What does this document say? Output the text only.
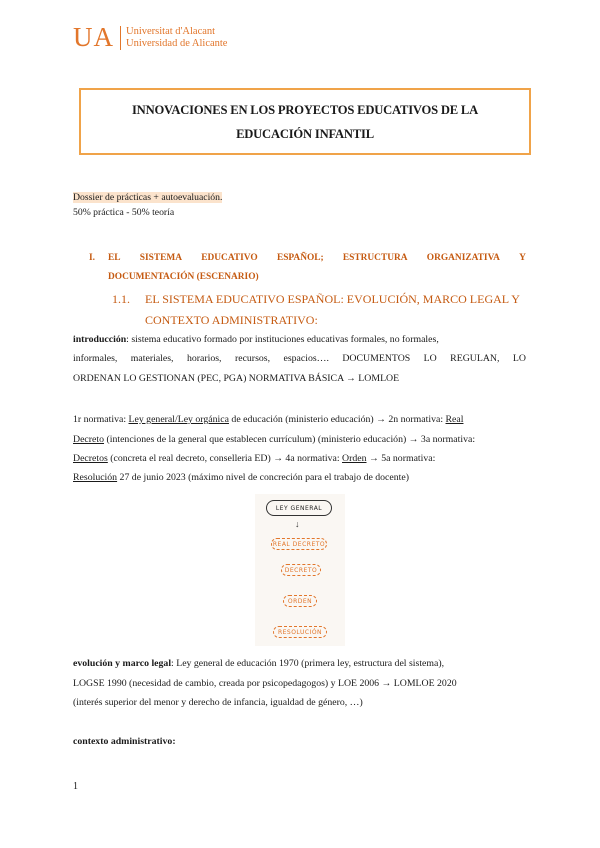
UA Universitat d'Alacant
Universidad de Alicante
INNOVACIONES EN LOS PROYECTOS EDUCATIVOS DE LA
EDUCACIÓN INFANTIL
Dossier de prácticas + autoevaluación.
50% práctica - 50% teoría
I. EL SISTEMA EDUCATIVO ESPAÑOL; ESTRUCTURA ORGANIZATIVA Y
DOCUMENTACIÓN (ESCENARIO)
1.1. EL SISTEMA EDUCATIVO ESPAÑOL: EVOLUCIÓN, MARCO LEGAL Y
CONTEXTO ADMINISTRATIVO:
introducción: sistema educativo formado por instituciones educativas formales, no formales,
informales, materiales, horarios, recursos, espacios…. DOCUMENTOS LO REGULAN, LO
ORDENAN LO GESTIONAN (PEC, PGA) NORMATIVA BÁSICA → LOMLOE
1r normativa: Ley general/Ley orgánica de educación (ministerio educación) → 2n normativa: Real
Decreto (intenciones de la general que establecen currículum) (ministerio educación) → 3a normativa:
Decretos (concreta el real decreto, conselleria ED) → 4a normativa: Orden → 5a normativa:
Resolución 27 de junio 2023 (máximo nivel de concreción para el trabajo de docente)
LEY GENERAL
↓
REAL DECRETO
DECRETO
ORDEN
RESOLUCIÓN
evolución y marco legal: Ley general de educación 1970 (primera ley, estructura del sistema),
LOGSE 1990 (necesidad de cambio, creada por psicopedagogos) y LOE 2006 → LOMLOE 2020
(interés superior del menor y derecho de infancia, igualdad de género, …)
contexto administrativo:
1
